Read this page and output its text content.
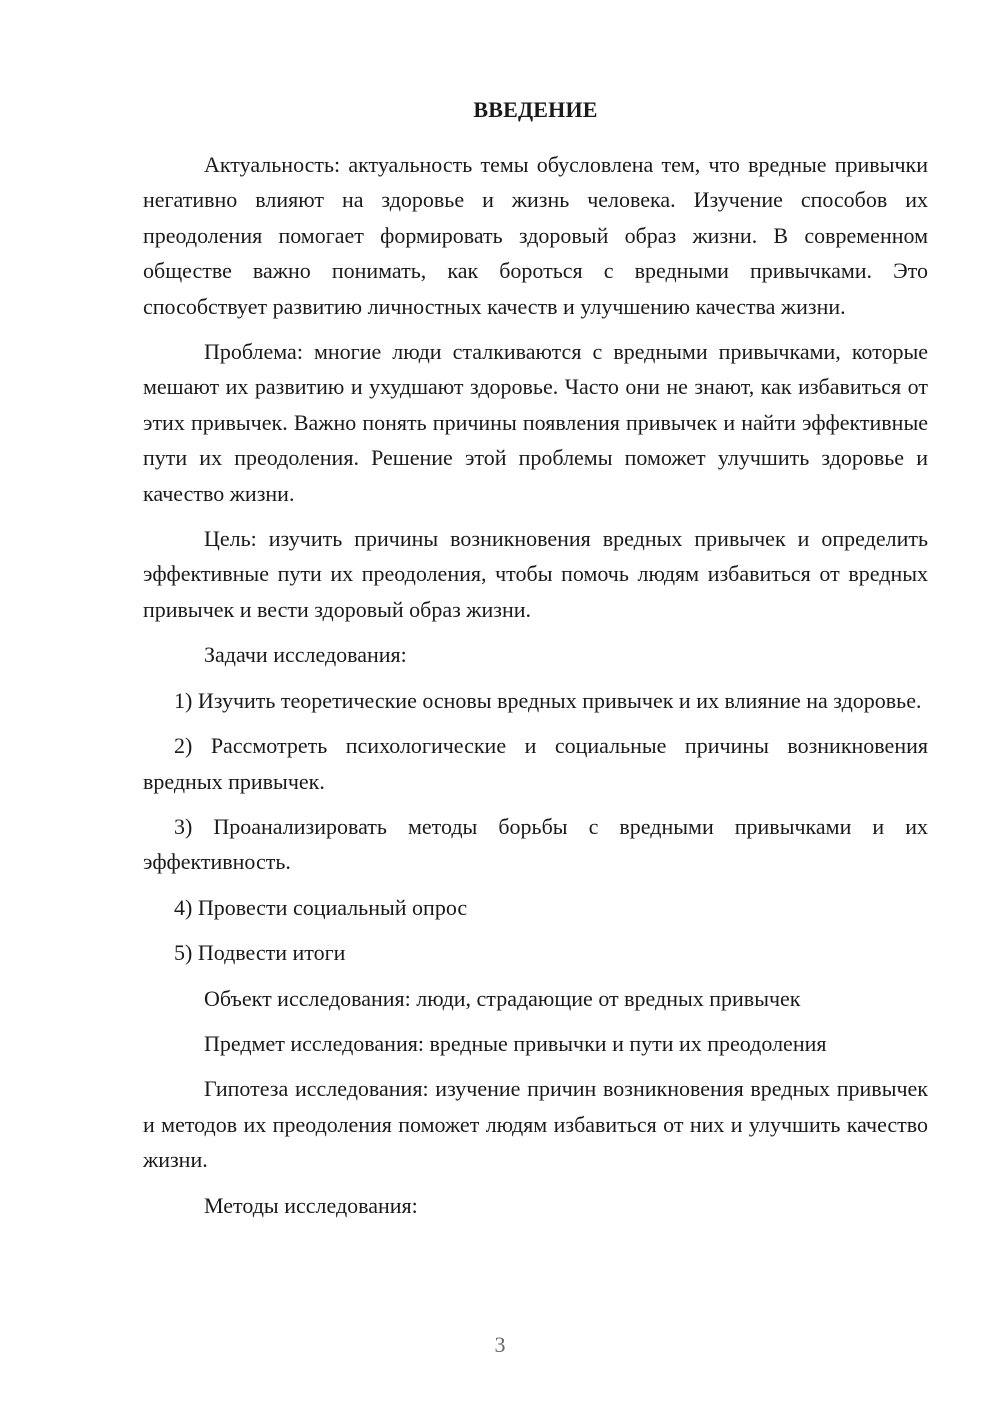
ВВЕДЕНИЕ

Актуальность: актуальность темы обусловлена тем, что вредные привычки негативно влияют на здоровье и жизнь человека. Изучение способов их преодоления помогает формировать здоровый образ жизни. В современном обществе важно понимать, как бороться с вредными привычками. Это способствует развитию личностных качеств и улучшению качества жизни.

Проблема: многие люди сталкиваются с вредными привычками, которые мешают их развитию и ухудшают здоровье. Часто они не знают, как избавиться от этих привычек. Важно понять причины появления привычек и найти эффективные пути их преодоления. Решение этой проблемы поможет улучшить здоровье и качество жизни.

Цель: изучить причины возникновения вредных привычек и определить эффективные пути их преодоления, чтобы помочь людям избавиться от вредных привычек и вести здоровый образ жизни.

Задачи исследования:

1) Изучить теоретические основы вредных привычек и их влияние на здоровье.

2) Рассмотреть психологические и социальные причины возникновения вредных привычек.

3) Проанализировать методы борьбы с вредными привычками и их эффективность.

4) Провести социальный опрос

5) Подвести итоги

Объект исследования: люди, страдающие от вредных привычек

Предмет исследования: вредные привычки и пути их преодоления

Гипотеза исследования: изучение причин возникновения вредных привычек и методов их преодоления поможет людям избавиться от них и улучшить качество жизни.

Методы исследования:

3
